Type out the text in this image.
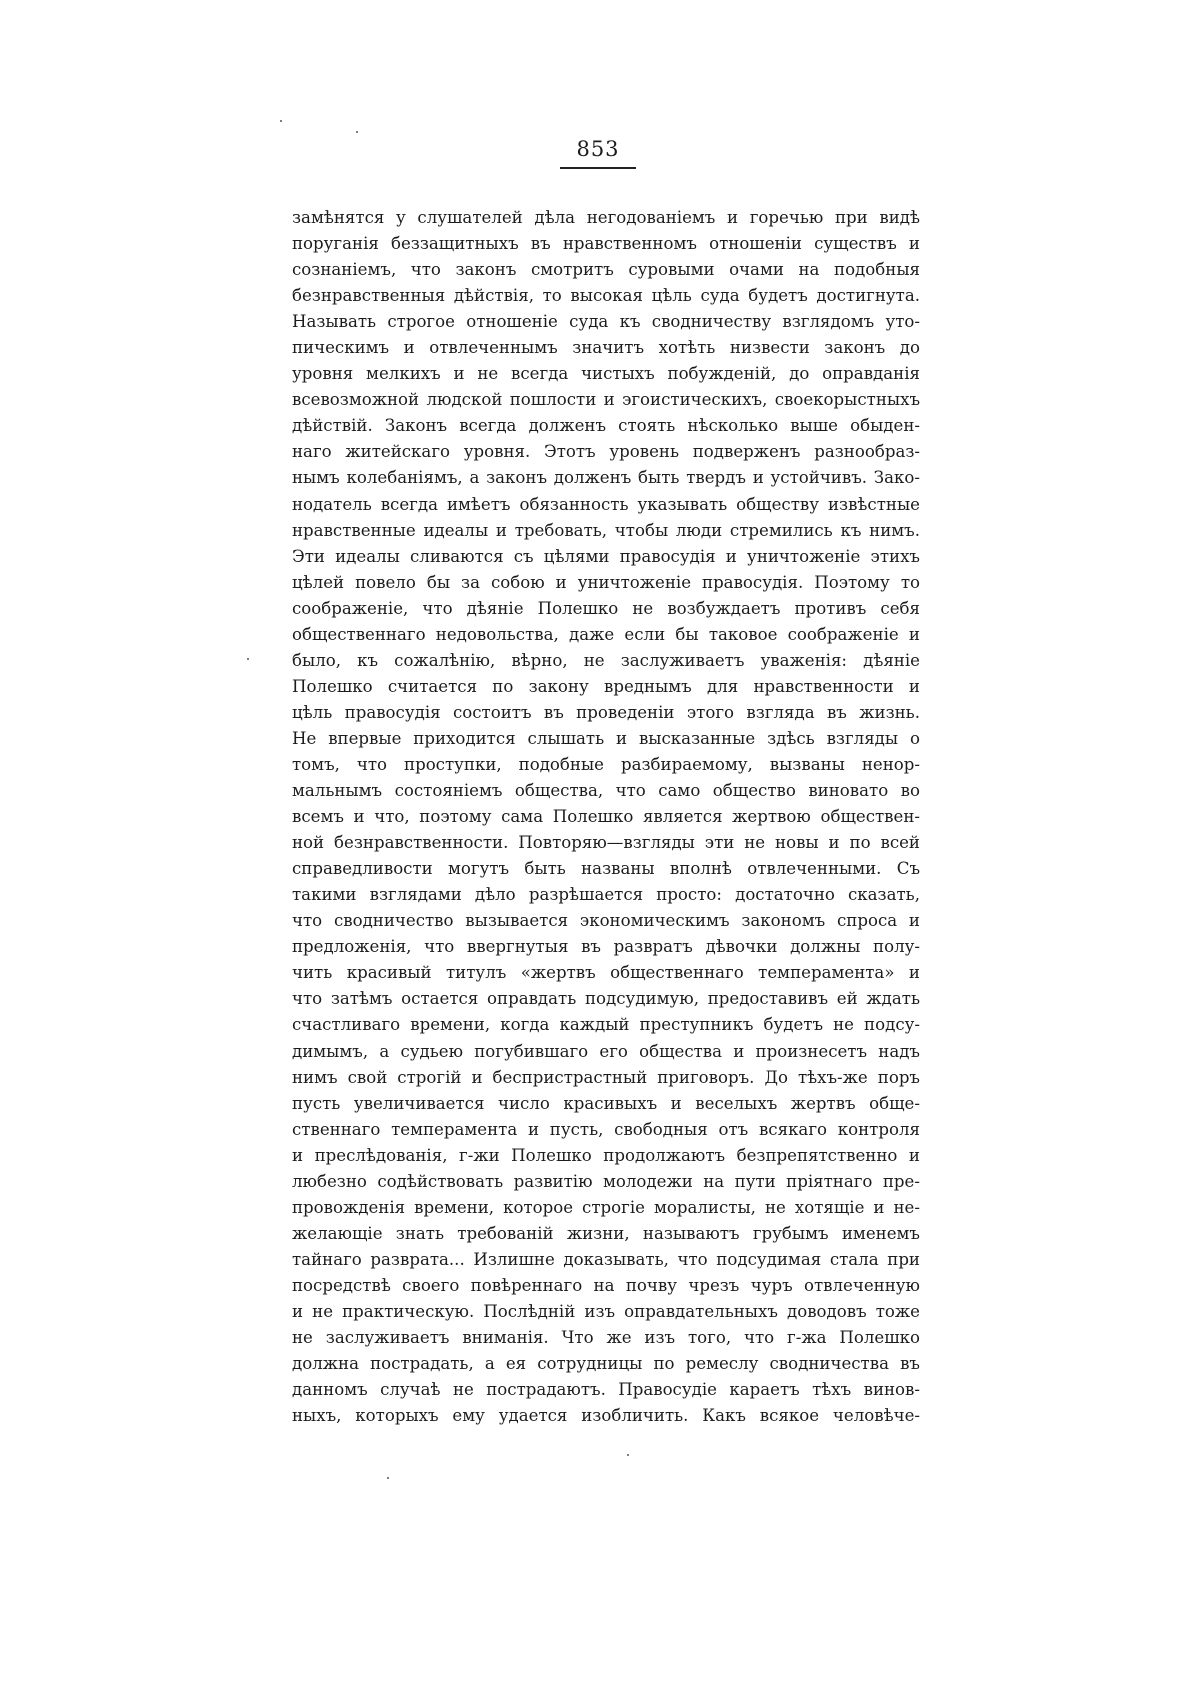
853
замѣнятся у слушателей дѣла негодованіемъ и горечью при видѣ
поруганія беззащитныхъ въ нравственномъ отношеніи существъ и
сознаніемъ, что законъ смотритъ суровыми очами на подобныя
безнравственныя дѣйствія, то высокая цѣль суда будетъ достигнута.
Называть строгое отношеніе суда къ сводничеству взглядомъ уто-
пическимъ и отвлеченнымъ значитъ хотѣть низвести законъ до
уровня мелкихъ и не всегда чистыхъ побужденій, до оправданія
всевозможной людской пошлости и эгоистическихъ, своекорыстныхъ
дѣйствій. Законъ всегда долженъ стоять нѣсколько выше обыден-
наго житейскаго уровня. Этотъ уровень подверженъ разнообраз-
нымъ колебаніямъ, а законъ долженъ быть твердъ и устойчивъ. Зако-
нодатель всегда имѣетъ обязанность указывать обществу извѣстные
нравственные идеалы и требовать, чтобы люди стремились къ нимъ.
Эти идеалы сливаются съ цѣлями правосудія и уничтоженіе этихъ
цѣлей повело бы за собою и уничтоженіе правосудія. Поэтому то
соображеніе, что дѣяніе Полешко не возбуждаетъ противъ себя
общественнаго недовольства, даже если бы таковое соображеніе и
было, къ сожалѣнію, вѣрно, не заслуживаетъ уваженія: дѣяніе
Полешко считается по закону вреднымъ для нравственности и
цѣль правосудія состоитъ въ проведеніи этого взгляда въ жизнь.
Не впервые приходится слышать и высказанные здѣсь взгляды о
томъ, что проступки, подобные разбираемому, вызваны ненор-
мальнымъ состояніемъ общества, что само общество виновато во
всемъ и что, поэтому сама Полешко является жертвою обществен-
ной безнравственности. Повторяю—взгляды эти не новы и по всей
справедливости могутъ быть названы вполнѣ отвлеченными. Съ
такими взглядами дѣло разрѣшается просто: достаточно сказать,
что сводничество вызывается экономическимъ закономъ спроса и
предложенія, что ввергнутыя въ развратъ дѣвочки должны полу-
чить красивый титулъ «жертвъ общественнаго темперамента» и
что затѣмъ остается оправдать подсудимую, предоставивъ ей ждать
счастливаго времени, когда каждый преступникъ будетъ не подсу-
димымъ, а судьею погубившаго его общества и произнесетъ надъ
нимъ свой строгій и беспристрастный приговоръ. До тѣхъ-же поръ
пусть увеличивается число красивыхъ и веселыхъ жертвъ обще-
ственнаго темперамента и пусть, свободныя отъ всякаго контроля
и преслѣдованія, г-жи Полешко продолжаютъ безпрепятственно и
любезно содѣйствовать развитію молодежи на пути пріятнаго пре-
провожденія времени, которое строгіе моралисты, не хотящіе и не-
желающіе знать требованій жизни, называютъ грубымъ именемъ
тайнаго разврата... Излишне доказывать, что подсудимая стала при
посредствѣ своего повѣреннаго на почву чрезъ чуръ отвлеченную
и не практическую. Послѣдній изъ оправдательныхъ доводовъ тоже
не заслуживаетъ вниманія. Что же изъ того, что г-жа Полешко
должна пострадать, а ея сотрудницы по ремеслу сводничества въ
данномъ случаѣ не пострадаютъ. Правосудіе караетъ тѣхъ винов-
ныхъ, которыхъ ему удается изобличить. Какъ всякое человѣче-
